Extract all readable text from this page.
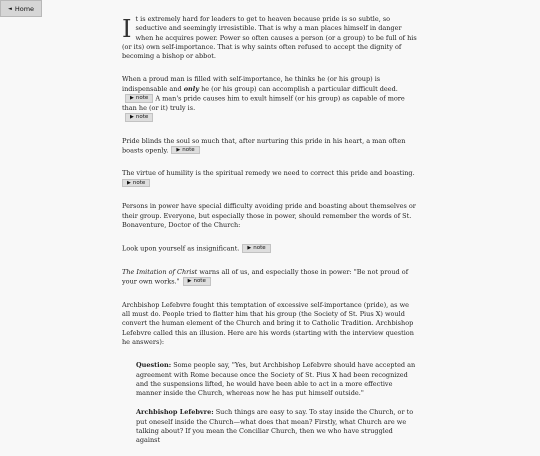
◄ Home

It is extremely hard for leaders to get to heaven because pride is so subtle, so seductive and seemingly irresistible. That is why a man places himself in danger when he acquires power. Power so often causes a person (or a group) to be full of his (or its) own self-importance. That is why saints often refused to accept the dignity of becoming a bishop or abbot.

When a proud man is filled with self-importance, he thinks he (or his group) is indispensable and only he (or his group) can accomplish a particular difficult deed.▶ note A man's pride causes him to exult himself (or his group) as capable of more than he (or it) truly is.
▶ note

Pride blinds the soul so much that, after nurturing this pride in his heart, a man often boasts openly. ▶ note

The virtue of humility is the spiritual remedy we need to correct this pride and boasting.
▶ note

Persons in power have special difficulty avoiding pride and boasting about themselves or their group. Everyone, but especially those in power, should remember the words of St. Bonaventure, Doctor of the Church:

Look upon yourself as insignificant. ▶ note

The Imitation of Christ warns all of us, and especially those in power: "Be not proud of your own works." ▶ note

Archbishop Lefebvre fought this temptation of excessive self-importance (pride), as we all must do. People tried to flatter him that his group (the Society of St. Pius X) would convert the human element of the Church and bring it to Catholic Tradition. Archbishop Lefebvre called this an illusion. Here are his words (starting with the interview question he answers):

Question: Some people say, "Yes, but Archbishop Lefebvre should have accepted an agreement with Rome because once the Society of St. Pius X had been recognized and the suspensions lifted, he would have been able to act in a more effective manner inside the Church, whereas now he has put himself outside."

Archbishop Lefebvre: Such things are easy to say. To stay inside the Church, or to put oneself inside the Church—what does that mean? Firstly, what Church are we talking about? If you mean the Conciliar Church, then we who have struggled against
